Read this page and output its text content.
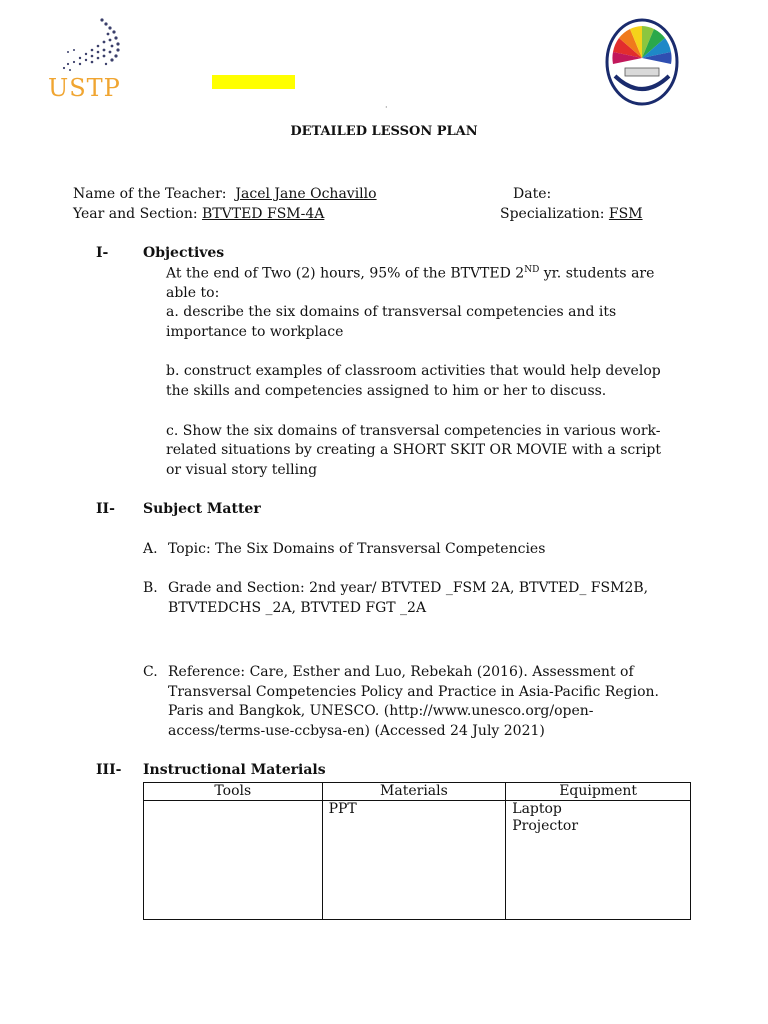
USTP
·
DETAILED LESSON PLAN
Name of the Teacher: Jacel Jane Ochavillo	Date:
Year and Section: BTVTED FSM-4A	Specialization: FSM
I- Objectives
At the end of Two (2) hours, 95% of the BTVTED 2ND yr. students are
able to:
a. describe the six domains of transversal competencies and its
importance to workplace
b. construct examples of classroom activities that would help develop
the skills and competencies assigned to him or her to discuss.
c. Show the six domains of transversal competencies in various work-
related situations by creating a SHORT SKIT OR MOVIE with a script
or visual story telling
II- Subject Matter
A. Topic: The Six Domains of Transversal Competencies
B. Grade and Section: 2nd year/ BTVTED _FSM 2A, BTVTED_ FSM2B,
BTVTEDCHS _2A, BTVTED FGT _2A
C. Reference: Care, Esther and Luo, Rebekah (2016). Assessment of
Transversal Competencies Policy and Practice in Asia-Pacific Region.
Paris and Bangkok, UNESCO. (http://www.unesco.org/open-
access/terms-use-ccbysa-en) (Accessed 24 July 2021)
III- Instructional Materials
Tools	Materials	Equipment

	PPT	Laptop
Projector
